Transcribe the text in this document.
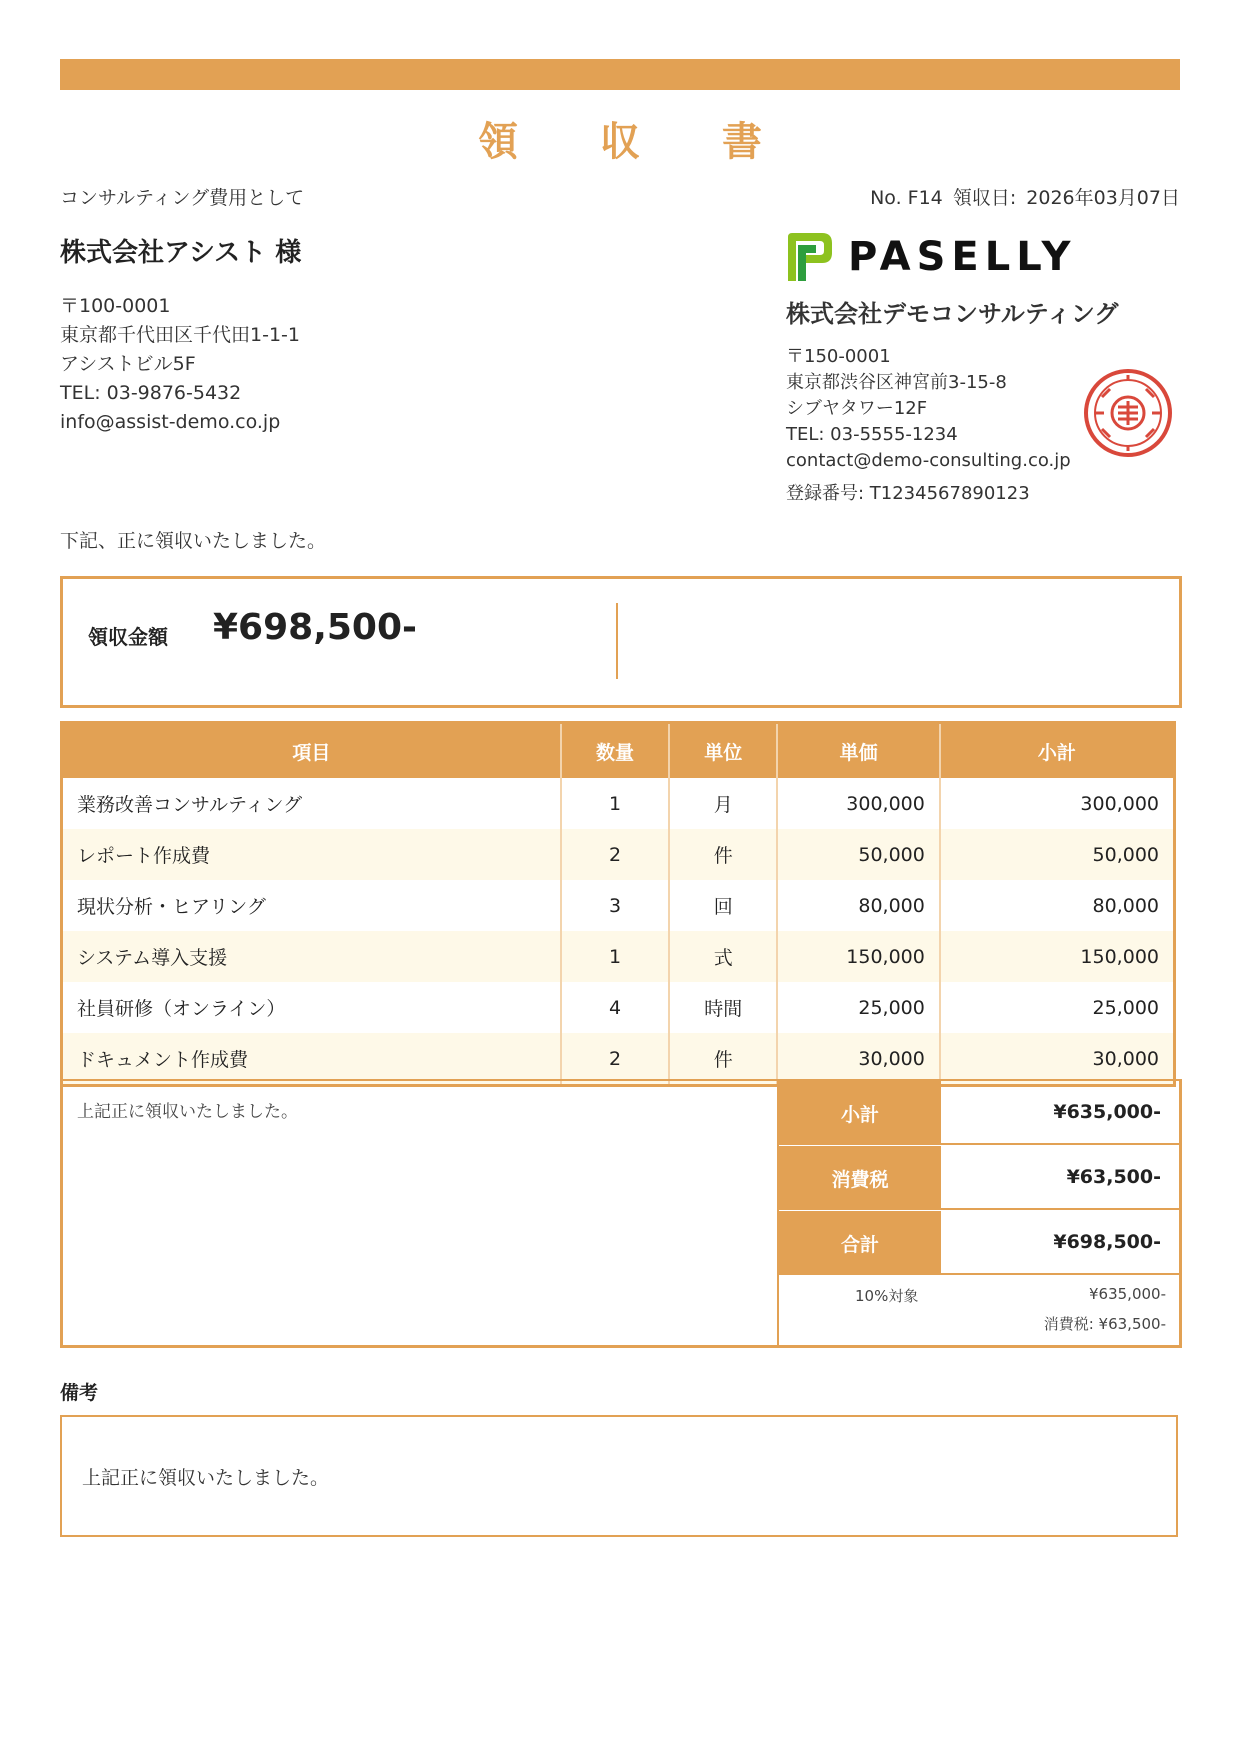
領 収 書
コンサルティング費用として	No. F14 領収日: 2026年03月07日
株式会社アシスト 様
〒100-0001
東京都千代田区千代田1-1-1
アシストビル5F
TEL: 03-9876-5432
info@assist-demo.co.jp
PASELLY
株式会社デモコンサルティング
〒150-0001
東京都渋谷区神宮前3-15-8
シブヤタワー12F
TEL: 03-5555-1234
contact@demo-consulting.co.jp
登録番号: T1234567890123
下記、正に領収いたしました。
領収金額 ¥698,500-
項目	数量	単位	単価	小計
業務改善コンサルティング	1	月	300,000	300,000
レポート作成費	2	件	50,000	50,000
現状分析・ヒアリング	3	回	80,000	80,000
システム導入支援	1	式	150,000	150,000
社員研修（オンライン）	4	時間	25,000	25,000
ドキュメント作成費	2	件	30,000	30,000
上記正に領収いたしました。	小計	¥635,000-
消費税	¥63,500-
合計	¥698,500-
10%対象	¥635,000-
消費税: ¥63,500-
備考
上記正に領収いたしました。
